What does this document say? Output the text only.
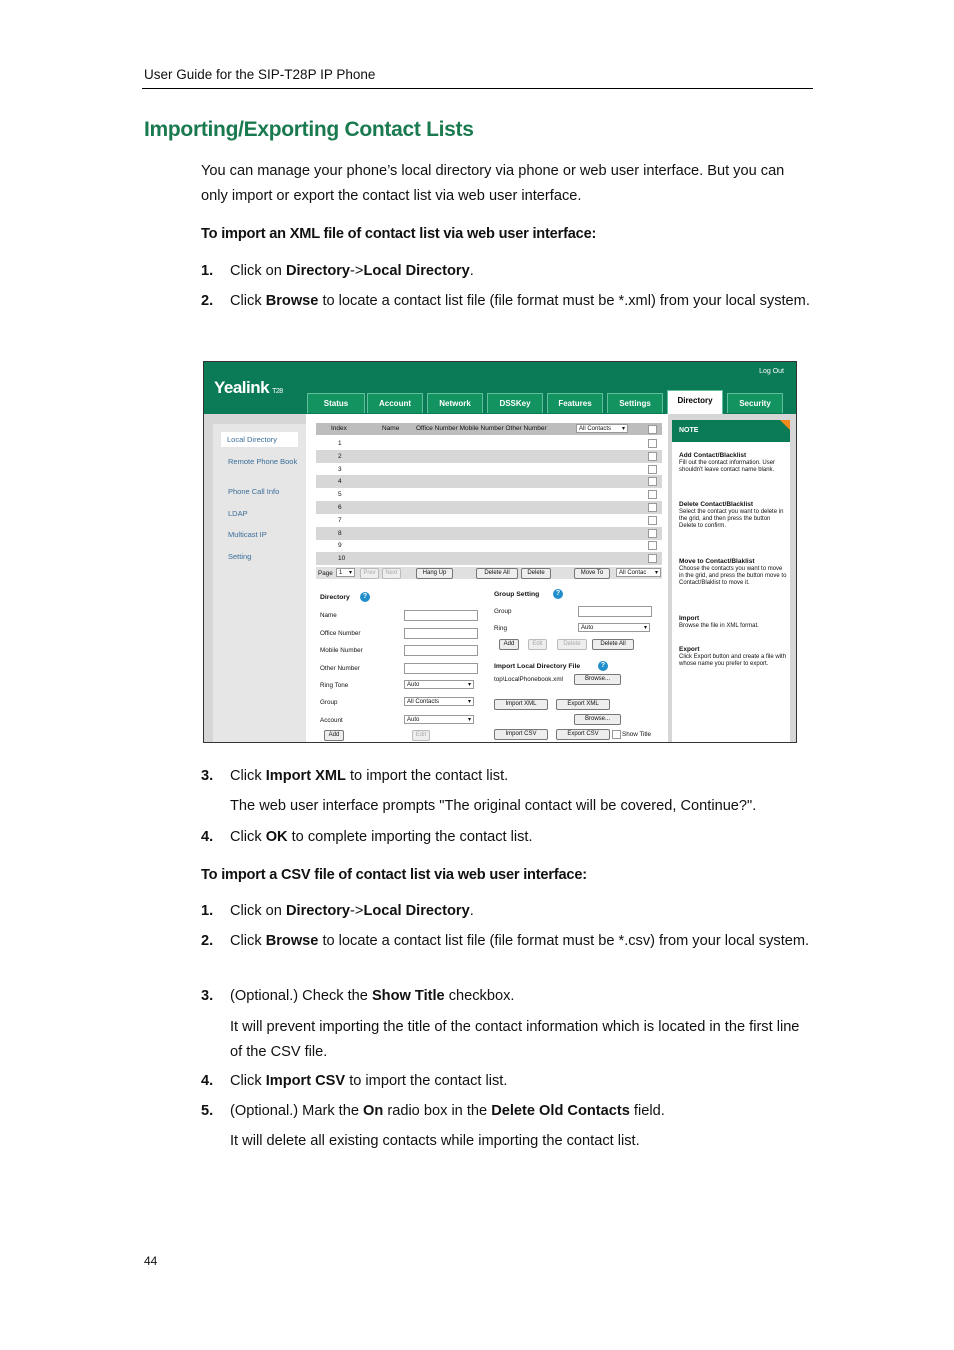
User Guide for the SIP-T28P IP Phone
Importing/Exporting Contact Lists
You can manage your phone’s local directory via phone or web user interface. But you can only import or export the contact list via web user interface.
To import an XML file of contact list via web user interface:
1. Click on Directory->Local Directory.
2. Click Browse to locate a contact list file (file format must be *.xml) from your local system.
Yealink T28
Log Out
Status	Account	Network	DSSKey	Features	Settings	Directory	Security
Local Directory
Remote Phone Book
Phone Call Info
LDAP
Multicast IP
Setting
Index	Name	Office Number Mobile Number Other Number	All Contacts ▾
1
2
3
4
5
6
7
8
9
10
Page	1 ▾	Prev	Next	Hang Up	Delete All	Delete	Move To	All Contac ▾
Directory	?
Name
Office Number
Mobile Number
Other Number
Ring Tone	Auto ▾
Group	All Contacts ▾
Account	Auto ▾
Add	Edit
Group Setting	?
Group
Ring	Auto ▾
Add	Edit	Delete	Delete All
Import Local Directory File	?
top\LocalPhonebook.xml	Browse...
Import XML	Export XML
Browse...
Import CSV	Export CSV	Show Title
NOTE
Add Contact/Blacklist
Fill out the contact information. User shouldn't leave contact name blank.
Delete Contact/Blacklist
Select the contact you want to delete in the grid, and then press the button Delete to confirm.
Move to Contact/Blaklist
Choose the contacts you want to move in the grid, and press the button move to Contact/Blaklist to move it.
Import
Browse the file in XML format.
Export
Click Export button and create a file with whose name you prefer to export.
3. Click Import XML to import the contact list.
The web user interface prompts "The original contact will be covered, Continue?".
4. Click OK to complete importing the contact list.
To import a CSV file of contact list via web user interface:
1. Click on Directory->Local Directory.
2. Click Browse to locate a contact list file (file format must be *.csv) from your local system.
3. (Optional.) Check the Show Title checkbox.
It will prevent importing the title of the contact information which is located in the first line of the CSV file.
4. Click Import CSV to import the contact list.
5. (Optional.) Mark the On radio box in the Delete Old Contacts field.
It will delete all existing contacts while importing the contact list.
44
